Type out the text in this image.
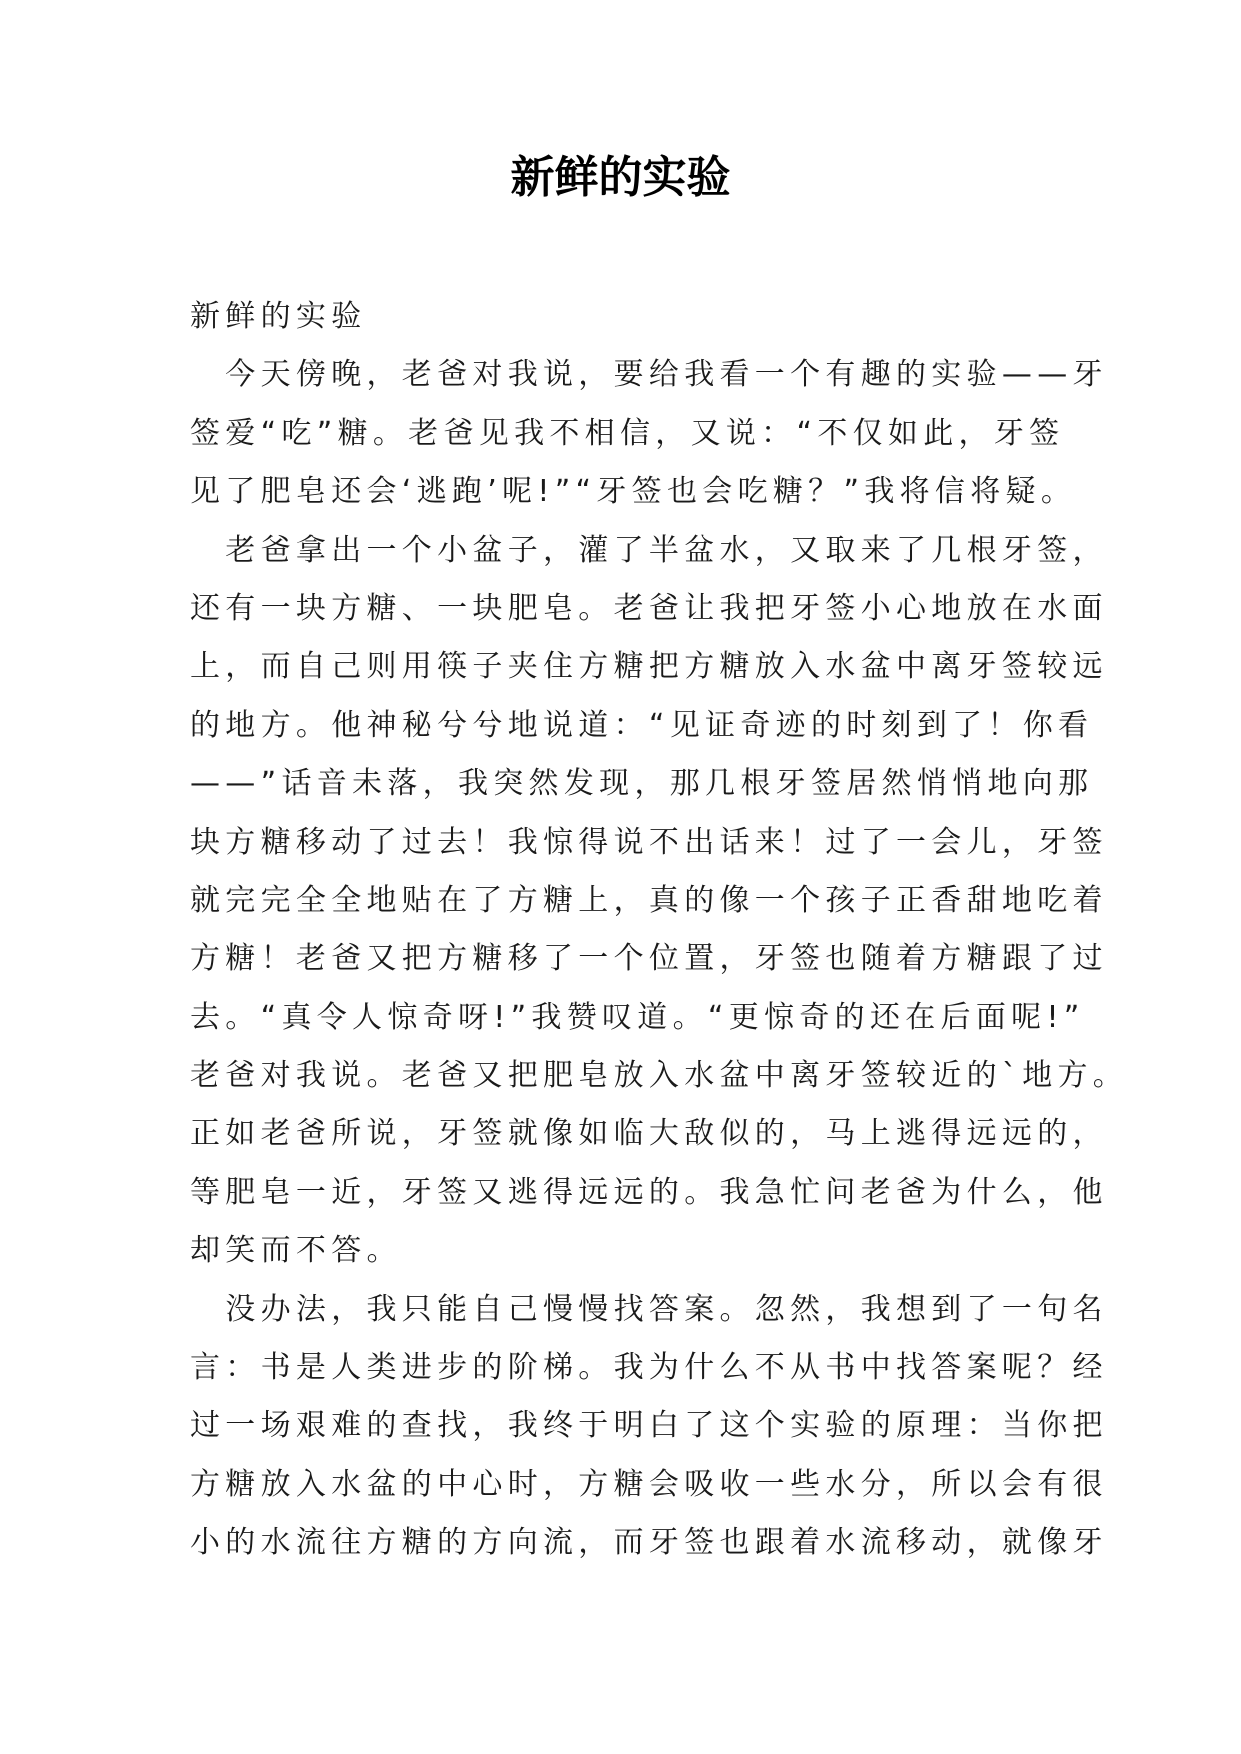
新鲜的实验
新鲜的实验
　今天傍晚，老爸对我说，要给我看一个有趣的实验——牙
签爱“吃”糖。老爸见我不相信，又说：“不仅如此，牙签
见了肥皂还会‘逃跑’呢!”“牙签也会吃糖？”我将信将疑。
　老爸拿出一个小盆子，灌了半盆水，又取来了几根牙签，
还有一块方糖、一块肥皂。老爸让我把牙签小心地放在水面
上，而自己则用筷子夹住方糖把方糖放入水盆中离牙签较远
的地方。他神秘兮兮地说道：“见证奇迹的时刻到了！你看
——”话音未落，我突然发现，那几根牙签居然悄悄地向那
块方糖移动了过去！我惊得说不出话来！过了一会儿，牙签
就完完全全地贴在了方糖上，真的像一个孩子正香甜地吃着
方糖！老爸又把方糖移了一个位置，牙签也随着方糖跟了过
去。“真令人惊奇呀!”我赞叹道。“更惊奇的还在后面呢!”
老爸对我说。老爸又把肥皂放入水盆中离牙签较近的`地方。
正如老爸所说，牙签就像如临大敌似的，马上逃得远远的，
等肥皂一近，牙签又逃得远远的。我急忙问老爸为什么，他
却笑而不答。
　没办法，我只能自己慢慢找答案。忽然，我想到了一句名
言：书是人类进步的阶梯。我为什么不从书中找答案呢？经
过一场艰难的查找，我终于明白了这个实验的原理：当你把
方糖放入水盆的中心时，方糖会吸收一些水分，所以会有很
小的水流往方糖的方向流，而牙签也跟着水流移动，就像牙
